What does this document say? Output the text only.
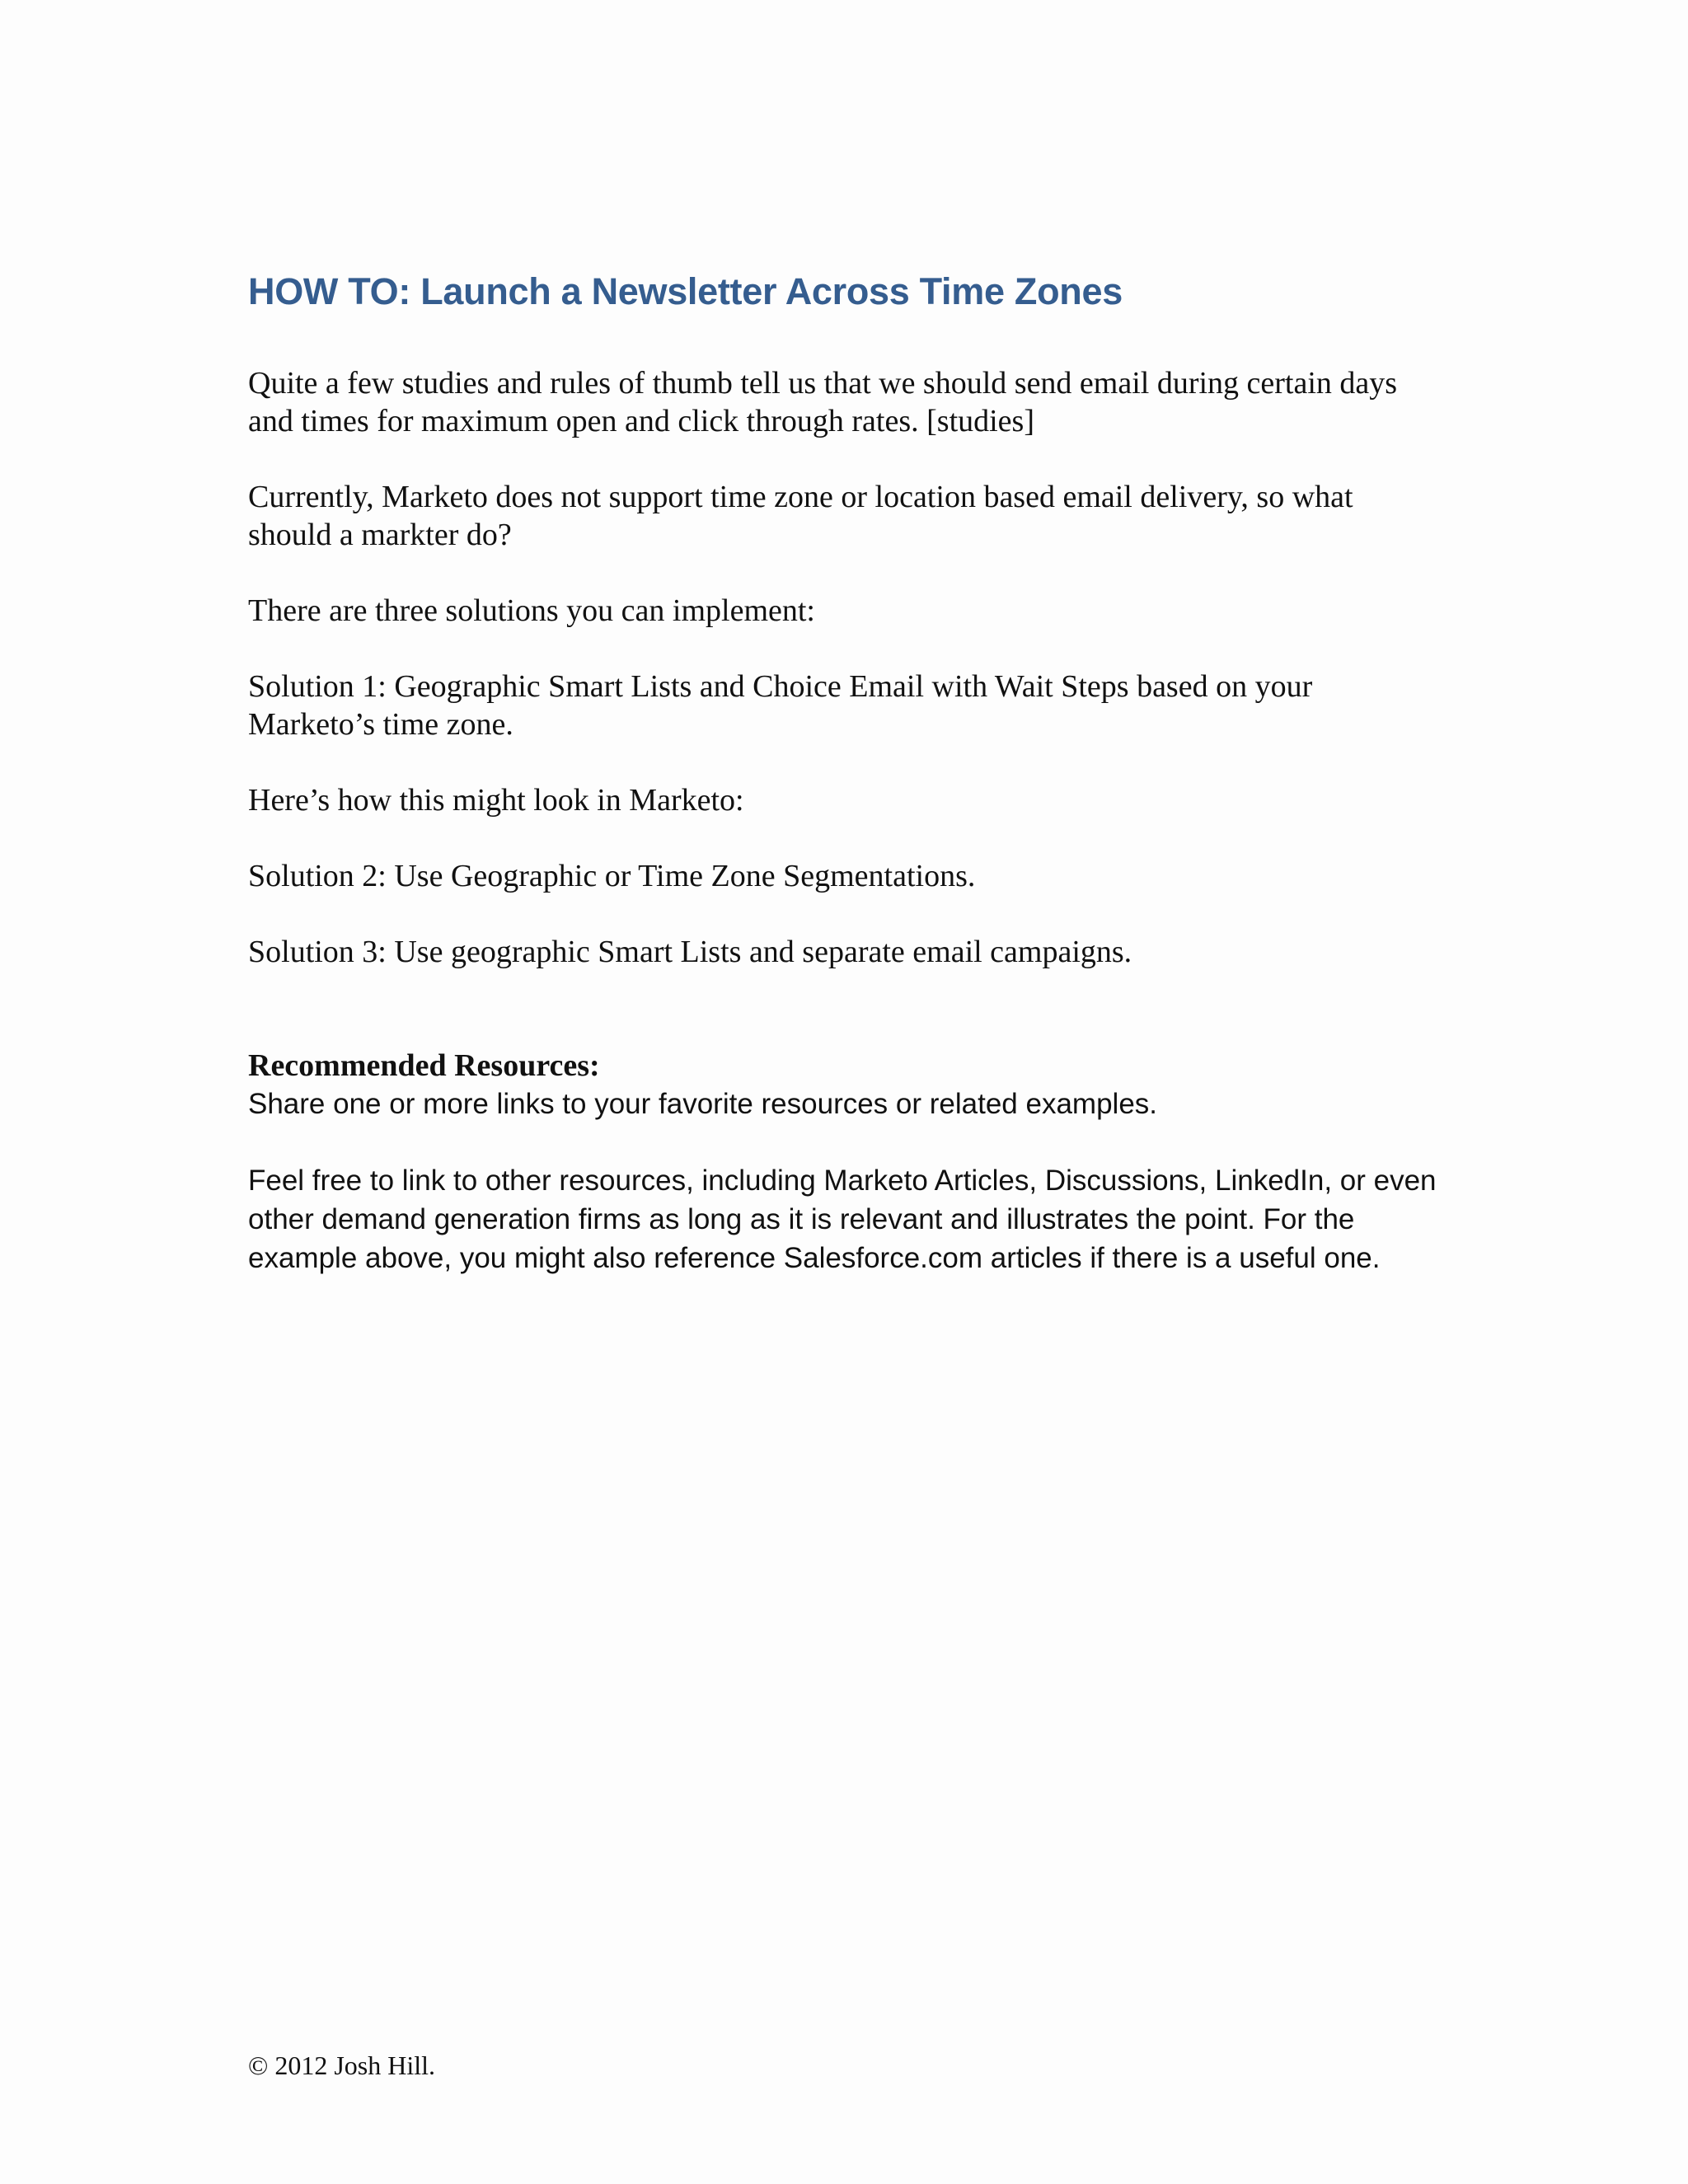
HOW TO: Launch a Newsletter Across Time Zones

Quite a few studies and rules of thumb tell us that we should send email during certain days and times for maximum open and click through rates. [studies]

Currently, Marketo does not support time zone or location based email delivery, so what should a markter do?

There are three solutions you can implement:

Solution 1: Geographic Smart Lists and Choice Email with Wait Steps based on your Marketo’s time zone.

Here’s how this might look in Marketo:

Solution 2: Use Geographic or Time Zone Segmentations.

Solution 3: Use geographic Smart Lists and separate email campaigns.

Recommended Resources:

Share one or more links to your favorite resources or related examples.

Feel free to link to other resources, including Marketo Articles, Discussions, LinkedIn, or even other demand generation firms as long as it is relevant and illustrates the point. For the example above, you might also reference Salesforce.com articles if there is a useful one.

© 2012 Josh Hill.
